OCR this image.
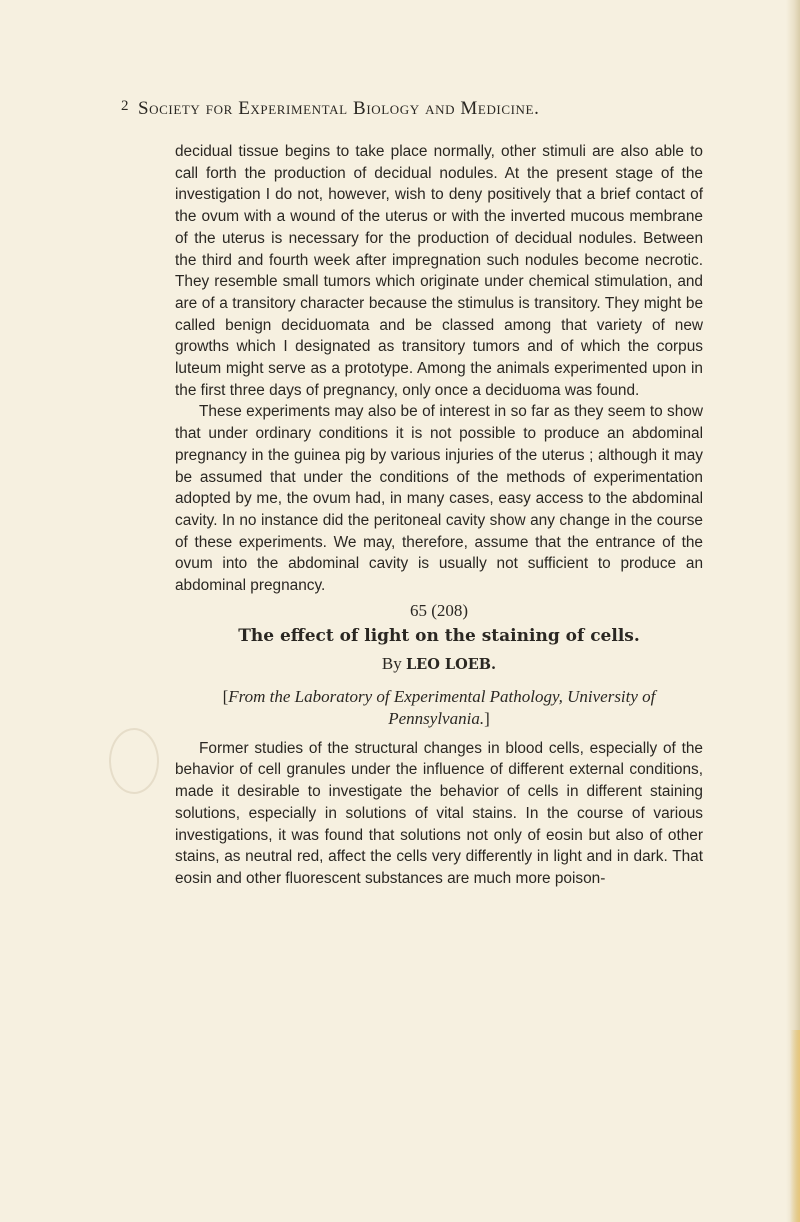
2 Society for Experimental Biology and Medicine.

decidual tissue begins to take place normally, other stimuli are also able to call forth the production of decidual nodules. At the present stage of the investigation I do not, however, wish to deny positively that a brief contact of the ovum with a wound of the uterus or with the inverted mucous membrane of the uterus is necessary for the production of decidual nodules. Between the third and fourth week after impregnation such nodules become necrotic. They resemble small tumors which originate under chemical stimulation, and are of a transitory character because the stimulus is transitory. They might be called benign deciduomata and be classed among that variety of new growths which I designated as transitory tumors and of which the corpus luteum might serve as a prototype. Among the animals experimented upon in the first three days of pregnancy, only once a deciduoma was found.

These experiments may also be of interest in so far as they seem to show that under ordinary conditions it is not possible to produce an abdominal pregnancy in the guinea pig by various injuries of the uterus ; although it may be assumed that under the conditions of the methods of experimentation adopted by me, the ovum had, in many cases, easy access to the abdominal cavity. In no instance did the peritoneal cavity show any change in the course of these experiments. We may, therefore, assume that the entrance of the ovum into the abdominal cavity is usually not sufficient to produce an abdominal pregnancy.

65 (208)
The effect of light on the staining of cells.
By LEO LOEB.
[From the Laboratory of Experimental Pathology, University of Pennsylvania.]

Former studies of the structural changes in blood cells, especially of the behavior of cell granules under the influence of different external conditions, made it desirable to investigate the behavior of cells in different staining solutions, especially in solutions of vital stains. In the course of various investigations, it was found that solutions not only of eosin but also of other stains, as neutral red, affect the cells very differently in light and in dark. That eosin and other fluorescent substances are much more poison-
